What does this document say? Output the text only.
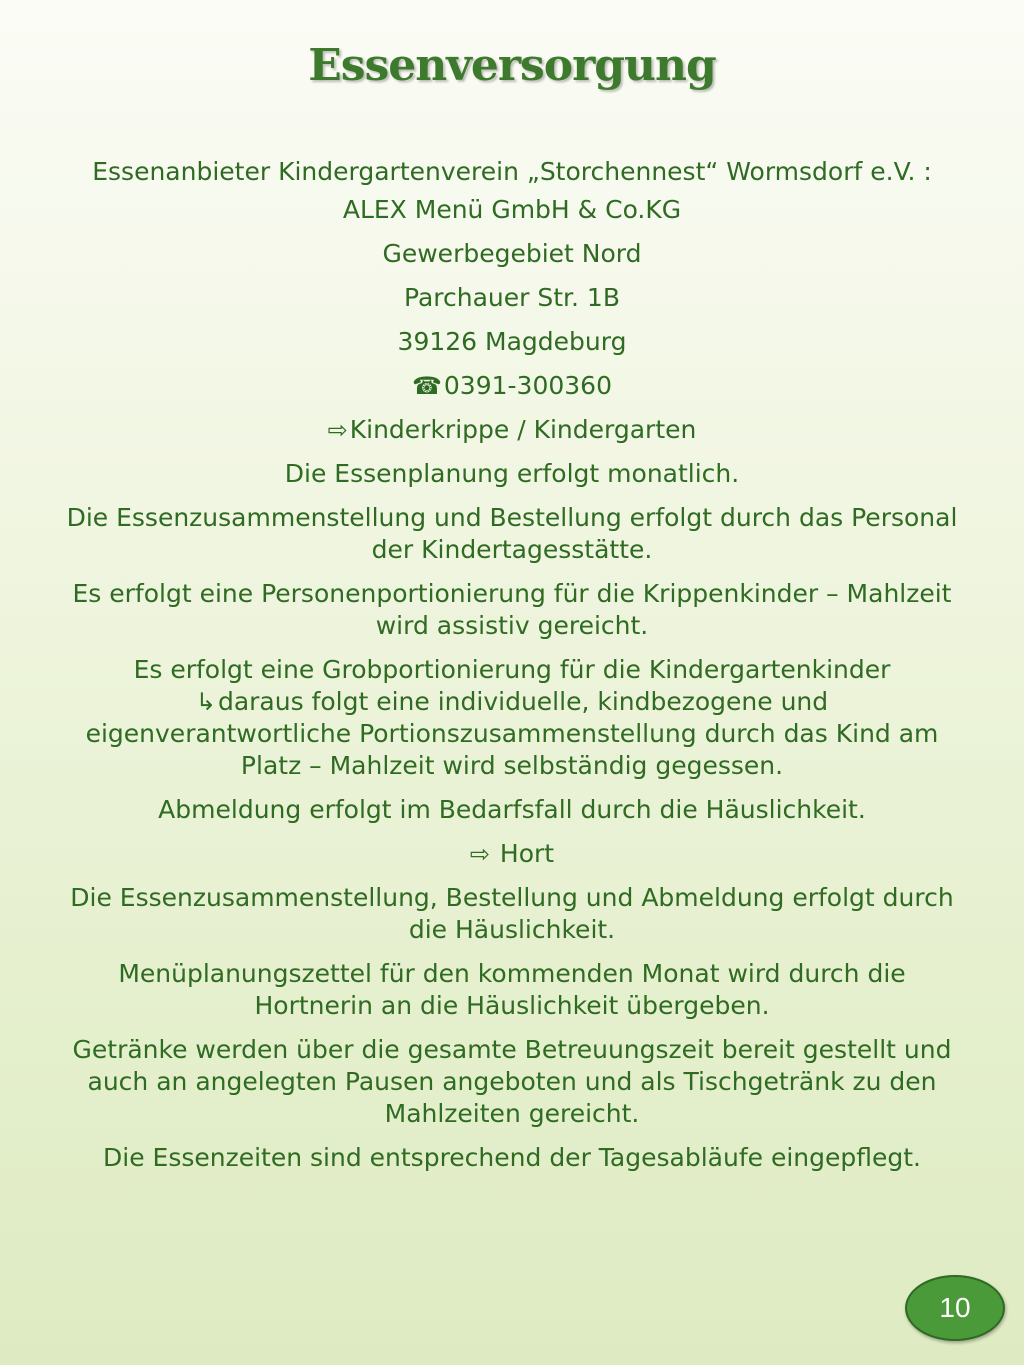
Essenversorgung
Essenanbieter Kindergartenverein „Storchennest“ Wormsdorf e.V. :
ALEX Menü GmbH & Co.KG
Gewerbegebiet Nord
Parchauer Str. 1B
39126 Magdeburg
☎0391-300360
⇨Kinderkrippe / Kindergarten
Die Essenplanung erfolgt monatlich.
Die Essenzusammenstellung und Bestellung erfolgt durch das Personal der Kindertagesstätte.
Es erfolgt eine Personenportionierung für die Krippenkinder – Mahlzeit wird assistiv gereicht.
Es erfolgt eine Grobportionierung für die Kindergartenkinder
↳daraus folgt eine individuelle, kindbezogene und eigenverantwortliche Portionszusammenstellung durch das Kind am Platz – Mahlzeit wird selbständig gegessen.
Abmeldung erfolgt im Bedarfsfall durch die Häuslichkeit.
⇨ Hort
Die Essenzusammenstellung, Bestellung und Abmeldung erfolgt durch die Häuslichkeit.
Menüplanungszettel für den kommenden Monat wird durch die Hortnerin an die Häuslichkeit übergeben.
Getränke werden über die gesamte Betreuungszeit bereit gestellt und auch an angelegten Pausen angeboten und als Tischgetränk zu den Mahlzeiten gereicht.
Die Essenzeiten sind entsprechend der Tagesabläufe eingepflegt.
10
